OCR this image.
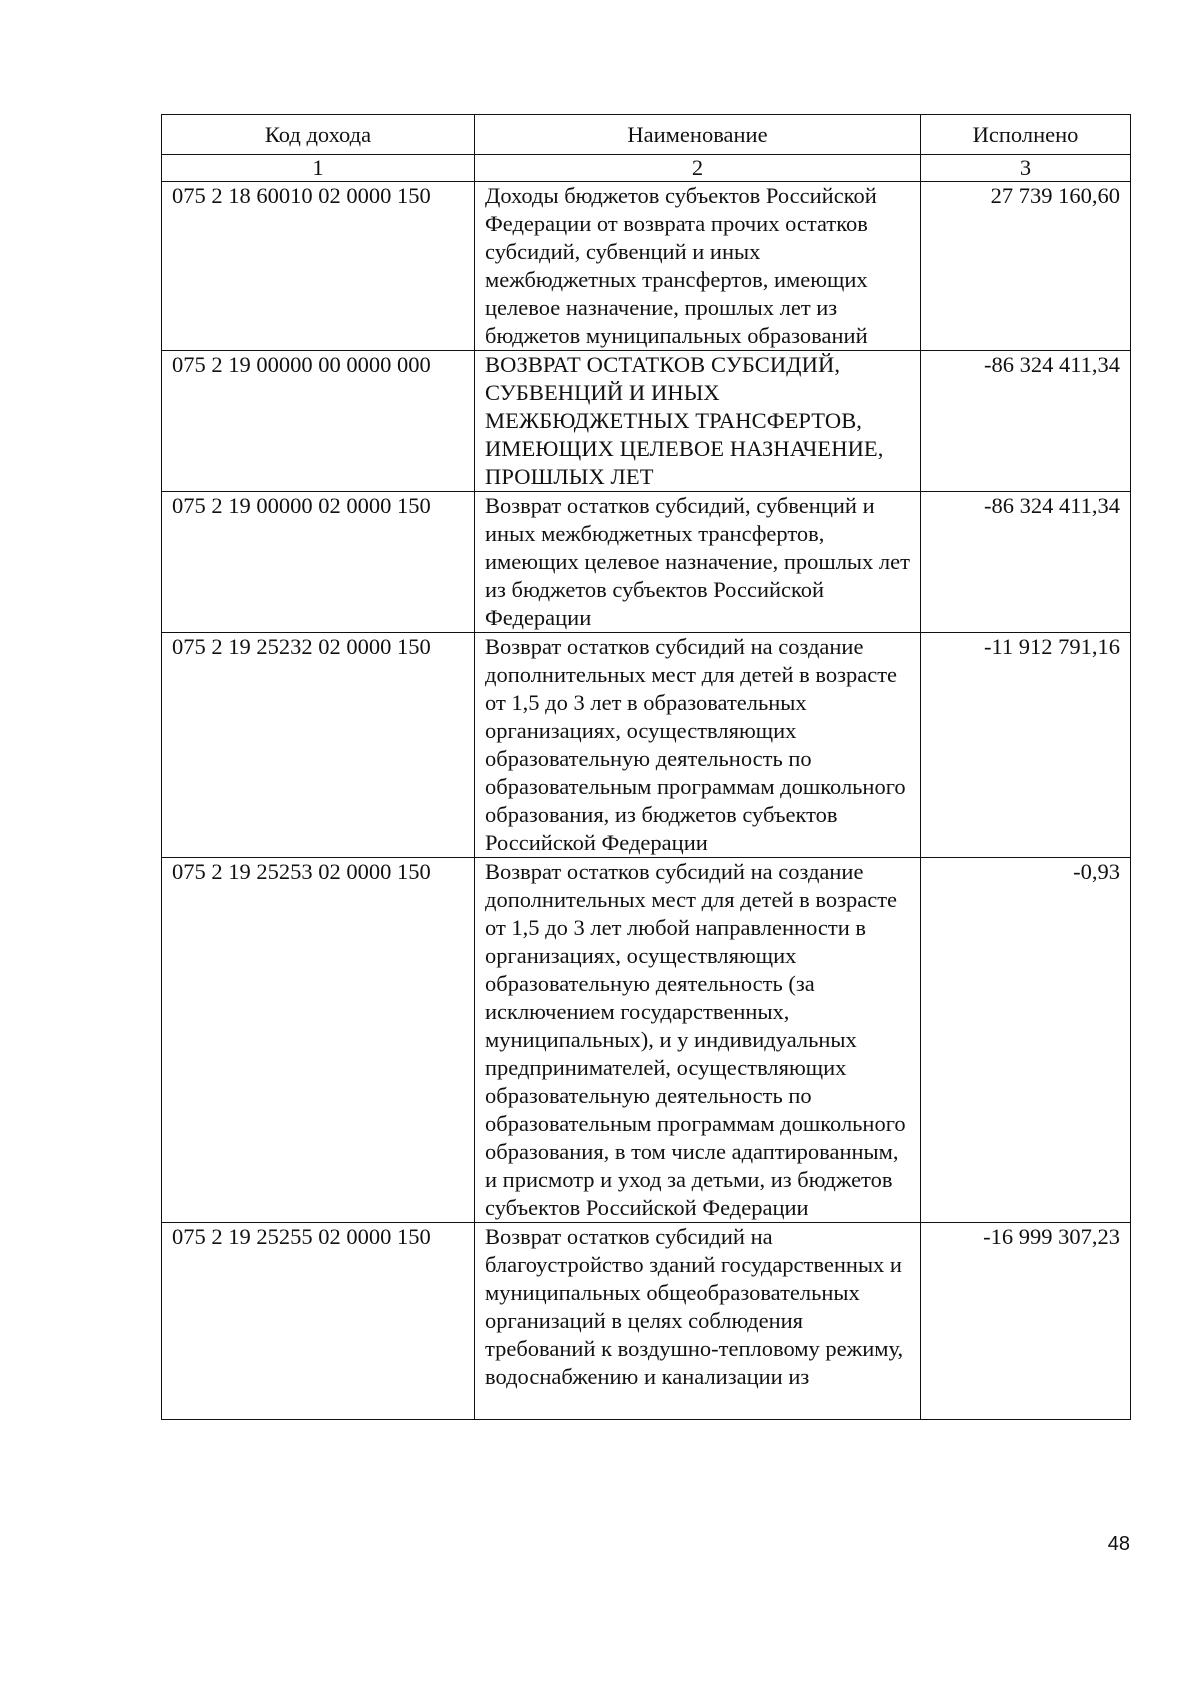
Код дохода	Наименование	Исполнено
1	2	3
075 2 18 60010 02 0000 150	Доходы бюджетов субъектов Российской Федерации от возврата прочих остатков субсидий, субвенций и иных межбюджетных трансфертов, имеющих целевое назначение, прошлых лет из бюджетов муниципальных образований	27 739 160,60
075 2 19 00000 00 0000 000	ВОЗВРАТ ОСТАТКОВ СУБСИДИЙ, СУБВЕНЦИЙ И ИНЫХ МЕЖБЮДЖЕТНЫХ ТРАНСФЕРТОВ, ИМЕЮЩИХ ЦЕЛЕВОЕ НАЗНАЧЕНИЕ, ПРОШЛЫХ ЛЕТ	-86 324 411,34
075 2 19 00000 02 0000 150	Возврат остатков субсидий, субвенций и иных межбюджетных трансфертов, имеющих целевое назначение, прошлых лет из бюджетов субъектов Российской Федерации	-86 324 411,34
075 2 19 25232 02 0000 150	Возврат остатков субсидий на создание дополнительных мест для детей в возрасте от 1,5 до 3 лет в образовательных организациях, осуществляющих образовательную деятельность по образовательным программам дошкольного образования, из бюджетов субъектов Российской Федерации	-11 912 791,16
075 2 19 25253 02 0000 150	Возврат остатков субсидий на создание дополнительных мест для детей в возрасте от 1,5 до 3 лет любой направленности в организациях, осуществляющих образовательную деятельность (за исключением государственных, муниципальных), и у индивидуальных предпринимателей, осуществляющих образовательную деятельность по образовательным программам дошкольного образования, в том числе адаптированным, и присмотр и уход за детьми, из бюджетов субъектов Российской Федерации	-0,93
075 2 19 25255 02 0000 150	Возврат остатков субсидий на благоустройство зданий государственных и муниципальных общеобразовательных организаций в целях соблюдения требований к воздушно-тепловому режиму, водоснабжению и канализации из	-16 999 307,23
48
